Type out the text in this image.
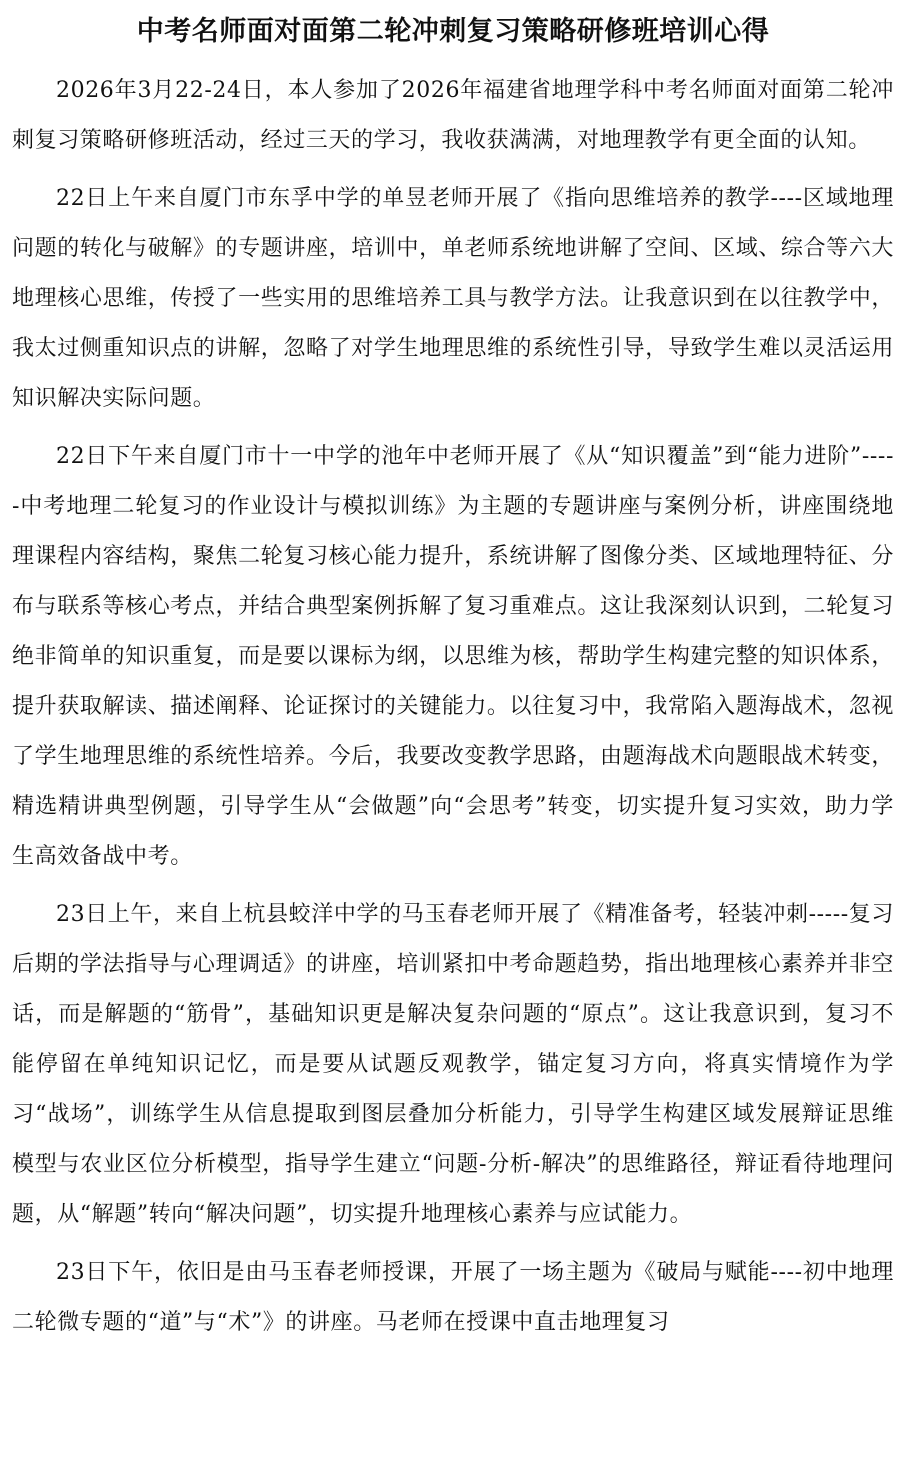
中考名师面对面第二轮冲刺复习策略研修班培训心得

2026年3月22-24日，本人参加了2026年福建省地理学科中考名师面对面第二轮冲刺复习策略研修班活动，经过三天的学习，我收获满满，对地理教学有更全面的认知。

22日上午来自厦门市东孚中学的单昱老师开展了《指向思维培养的教学----区域地理问题的转化与破解》的专题讲座，培训中，单老师系统地讲解了空间、区域、综合等六大地理核心思维，传授了一些实用的思维培养工具与教学方法。让我意识到在以往教学中，我太过侧重知识点的讲解，忽略了对学生地理思维的系统性引导，导致学生难以灵活运用知识解决实际问题。

22日下午来自厦门市十一中学的池年中老师开展了《从“知识覆盖”到“能力进阶”-----中考地理二轮复习的作业设计与模拟训练》为主题的专题讲座与案例分析，讲座围绕地理课程内容结构，聚焦二轮复习核心能力提升，系统讲解了图像分类、区域地理特征、分布与联系等核心考点，并结合典型案例拆解了复习重难点。这让我深刻认识到，二轮复习绝非简单的知识重复，而是要以课标为纲，以思维为核，帮助学生构建完整的知识体系，提升获取解读、描述阐释、论证探讨的关键能力。以往复习中，我常陷入题海战术，忽视了学生地理思维的系统性培养。今后，我要改变教学思路，由题海战术向题眼战术转变，精选精讲典型例题，引导学生从“会做题”向“会思考”转变，切实提升复习实效，助力学生高效备战中考。

23日上午，来自上杭县蛟洋中学的马玉春老师开展了《精准备考，轻装冲刺-----复习后期的学法指导与心理调适》的讲座，培训紧扣中考命题趋势，指出地理核心素养并非空话，而是解题的“筋骨”，基础知识更是解决复杂问题的“原点”。这让我意识到，复习不能停留在单纯知识记忆，而是要从试题反观教学，锚定复习方向，将真实情境作为学习“战场”，训练学生从信息提取到图层叠加分析能力，引导学生构建区域发展辩证思维模型与农业区位分析模型，指导学生建立“问题-分析-解决”的思维路径，辩证看待地理问题，从“解题”转向“解决问题”，切实提升地理核心素养与应试能力。

23日下午，依旧是由马玉春老师授课，开展了一场主题为《破局与赋能----初中地理二轮微专题的“道”与“术”》的讲座。马老师在授课中直击地理复习
